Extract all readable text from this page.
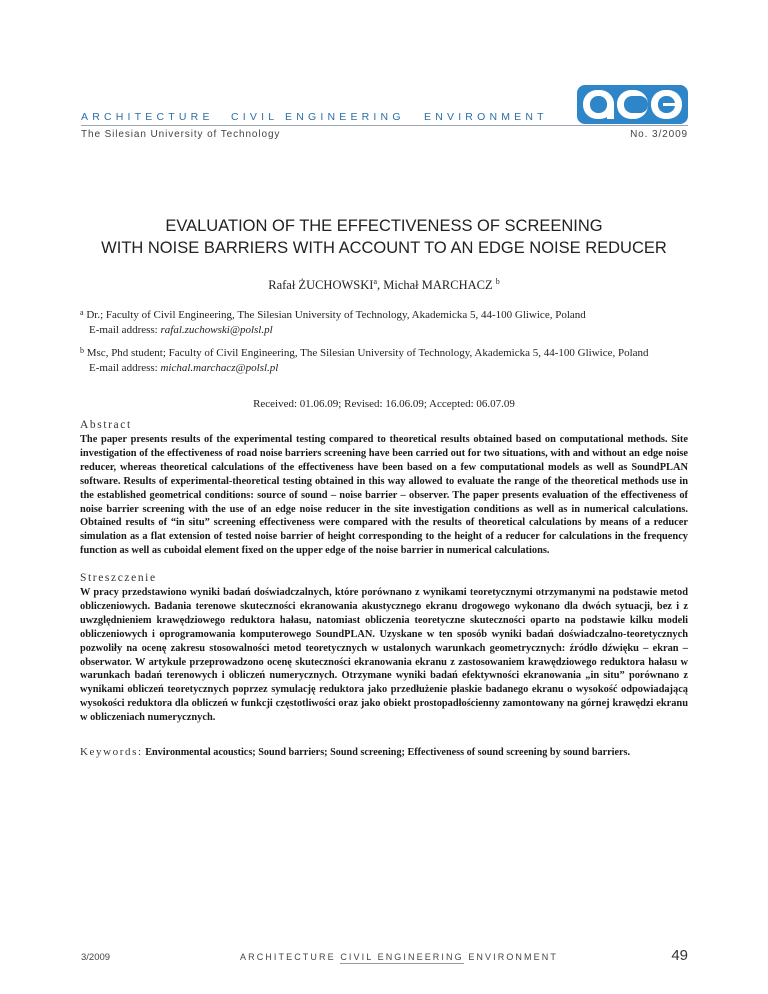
ARCHITECTURE CIVIL ENGINEERING ENVIRONMENT
The Silesian University of Technology	No. 3/2009
EVALUATION OF THE EFFECTIVENESS OF SCREENING
WITH NOISE BARRIERS WITH ACCOUNT TO AN EDGE NOISE REDUCER
Rafał ŻUCHOWSKI$^a$, Michał MARCHACZ $^b$
$^a$ Dr.; Faculty of Civil Engineering, The Silesian University of Technology, Akademicka 5, 44-100 Gliwice, Poland
E-mail address: rafal.zuchowski@polsl.pl
$^b$ Msc, Phd student; Faculty of Civil Engineering, The Silesian University of Technology, Akademicka 5, 44-100 Gliwice, Poland
E-mail address: michal.marchacz@polsl.pl
Received: 01.06.09; Revised: 16.06.09; Accepted: 06.07.09
Abstract

The paper presents results of the experimental testing compared to theoretical results obtained based on computational methods. Site investigation of the effectiveness of road noise barriers screening have been carried out for two situations, with and without an edge noise reducer, whereas theoretical calculations of the effectiveness have been based on a few computational models as well as SoundPLAN software. Results of experimental-theoretical testing obtained in this way allowed to evaluate the range of the theoretical methods use in the established geometrical conditions: source of sound – noise barrier – observer. The paper presents evaluation of the effectiveness of noise barrier screening with the use of an edge noise reducer in the site investigation conditions as well as in numerical calculations. Obtained results of “in situ” screening effectiveness were compared with the results of theoretical calculations by means of a reducer simulation as a flat extension of tested noise barrier of height corresponding to the height of a reducer for calculations in the frequency function as well as cuboidal element fixed on the upper edge of the noise barrier in numerical calculations.

Streszczenie

W pracy przedstawiono wyniki badań doświadczalnych, które porównano z wynikami teoretycznymi otrzymanymi na podstawie metod obliczeniowych. Badania terenowe skuteczności ekranowania akustycznego ekranu drogowego wykonano dla dwóch sytuacji, bez i z uwzględnieniem krawędziowego reduktora hałasu, natomiast obliczenia teoretyczne skuteczności oparto na podstawie kilku modeli obliczeniowych i oprogramowania komputerowego SoundPLAN. Uzyskane w ten sposób wyniki badań doświadczalno-teoretycznych pozwoliły na ocenę zakresu stosowalności metod teoretycznych w ustalonych warunkach geometrycznych: źródło dźwięku – ekran – obserwator. W artykule przeprowadzono ocenę skuteczności ekranowania ekranu z zastosowaniem krawędziowego reduktora hałasu w warunkach badań terenowych i obliczeń numerycznych. Otrzymane wyniki badań efektywności ekranowania „in situ” porównano z wynikami obliczeń teoretycznych poprzez symulację reduktora jako przedłużenie płaskie badanego ekranu o wysokość odpowiadającą wysokości reduktora dla obliczeń w funkcji częstotliwości oraz jako obiekt prostopadłościenny zamontowany na górnej krawędzi ekranu w obliczeniach numerycznych.

Keywords: Environmental acoustics; Sound barriers; Sound screening; Effectiveness of sound screening by sound barriers.
3/2009	ARCHITECTURE CIVIL ENGINEERING ENVIRONMENT	49
